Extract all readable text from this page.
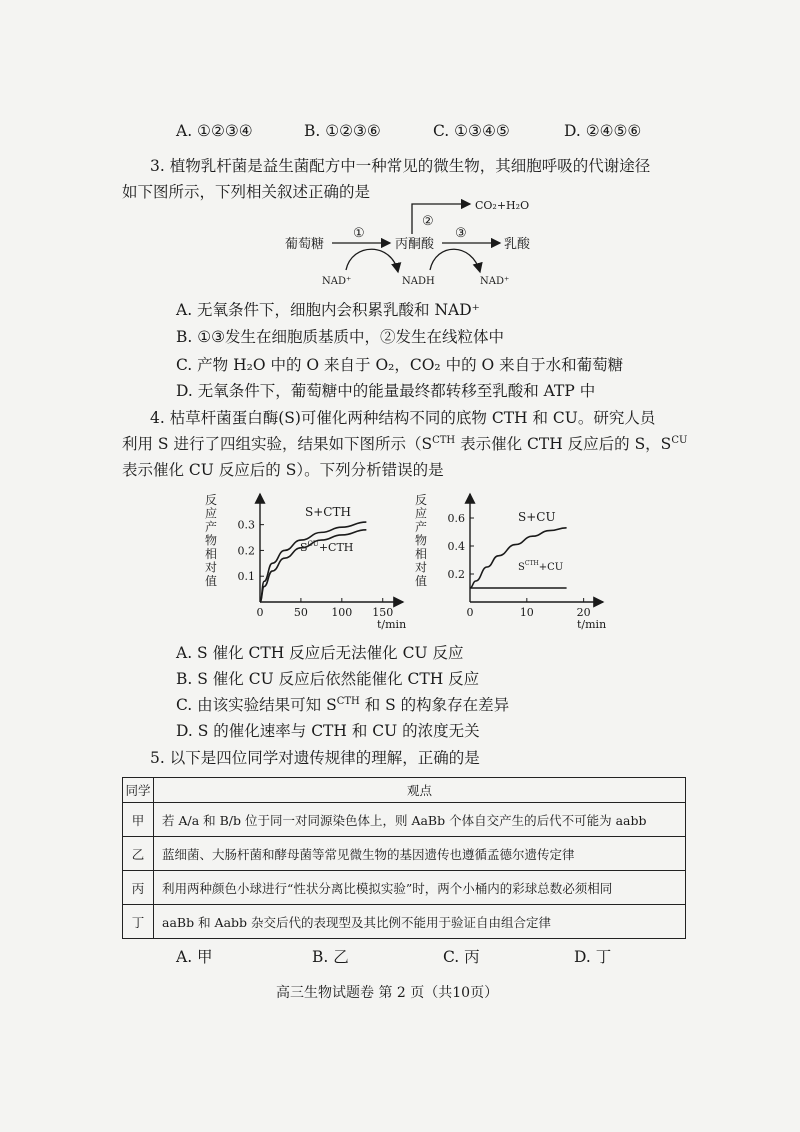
A. ①②③④	B. ①②③⑥	C. ①③④⑤	D. ②④⑤⑥
3. 植物乳杆菌是益生菌配方中一种常见的微生物，其细胞呼吸的代谢途径
如下图所示，下列相关叙述正确的是
葡萄糖	丙酮酸	乳酸
CO₂+H₂O
NAD⁺	NADH	NAD⁺
①
②
③
A. 无氧条件下，细胞内会积累乳酸和 NAD⁺
B. ①③发生在细胞质基质中，②发生在线粒体中
C. 产物 H₂O 中的 O 来自于 O₂，CO₂ 中的 O 来自于水和葡萄糖
D. 无氧条件下，葡萄糖中的能量最终都转移至乳酸和 ATP 中
4. 枯草杆菌蛋白酶(S)可催化两种结构不同的底物 CTH 和 CU。研究人员
利用 S 进行了四组实验，结果如下图所示（$S^{CTH}$ 表示催化 CTH 反应后的 S，$S^{CU}$
表示催化 CU 反应后的 S）。下列分析错误的是
反
应
产
物
相
对
值
0	50 100 150
0.1
0.2
0.3
t/min
S+CTH
$S^{CU}+CTH$
反
应
产
物
相
对
值
0	10	20
0.2
0.4
0.6
t/min
S+CU
$S^{CTH}+CU$
A. S 催化 CTH 反应后无法催化 CU 反应
B. S 催化 CU 反应后依然能催化 CTH 反应
C. 由该实验结果可知 $S^{CTH}$ 和 S 的构象存在差异
D. S 的催化速率与 CTH 和 CU 的浓度无关
5. 以下是四位同学对遗传规律的理解，正确的是
同学	观点
甲	若 A/a 和 B/b 位于同一对同源染色体上，则 AaBb 个体自交产生的后代不可能为 aabb
乙	蓝细菌、大肠杆菌和酵母菌等常见微生物的基因遗传也遵循孟德尔遗传定律
丙	利用两种颜色小球进行“性状分离比模拟实验”时，两个小桶内的彩球总数必须相同
丁	aaBb 和 Aabb 杂交后代的表现型及其比例不能用于验证自由组合定律
A. 甲	B. 乙	C. 丙	D. 丁
高三生物试题卷 第 2 页（共10页）
